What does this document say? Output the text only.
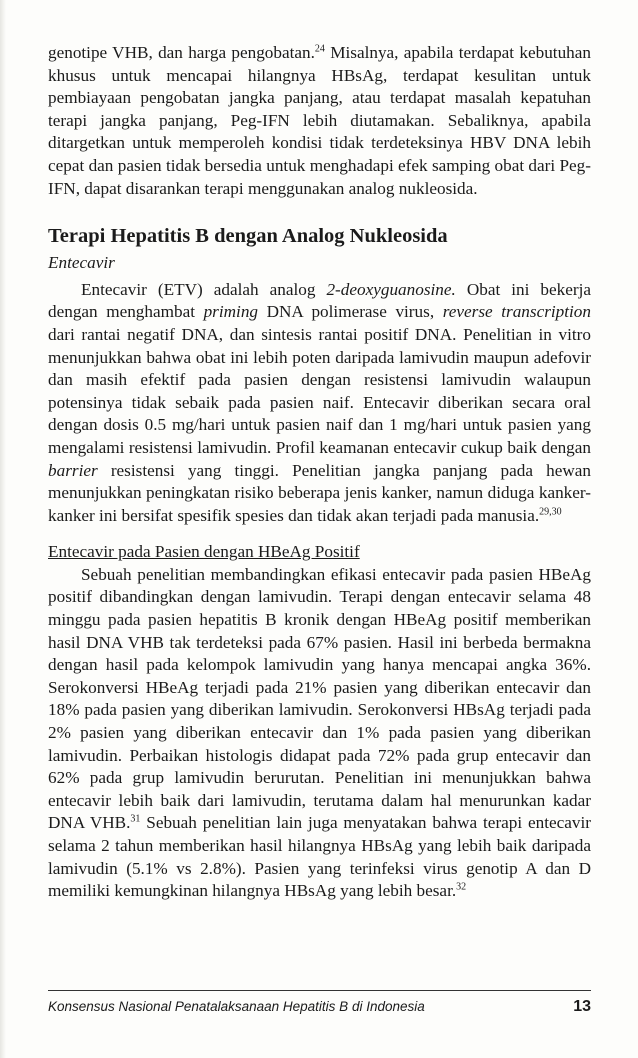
genotipe VHB, dan harga pengobatan.$^{24}$ Misalnya, apabila terdapat kebutuhan khusus untuk mencapai hilangnya HBsAg, terdapat kesulitan untuk pembiayaan pengobatan jangka panjang, atau terdapat masalah kepatuhan terapi jangka panjang, Peg-IFN lebih diutamakan. Sebaliknya, apabila ditargetkan untuk memperoleh kondisi tidak terdeteksinya HBV DNA lebih cepat dan pasien tidak bersedia untuk menghadapi efek samping obat dari Peg-IFN, dapat disarankan terapi menggunakan analog nukleosida.

Terapi Hepatitis B dengan Analog Nukleosida
Entecavir

Entecavir (ETV) adalah analog 2-deoxyguanosine. Obat ini bekerja dengan menghambat priming DNA polimerase virus, reverse transcription dari rantai negatif DNA, dan sintesis rantai positif DNA. Penelitian in vitro menunjukkan bahwa obat ini lebih poten daripada lamivudin maupun adefovir dan masih efektif pada pasien dengan resistensi lamivudin walaupun potensinya tidak sebaik pada pasien naif. Entecavir diberikan secara oral dengan dosis 0.5 mg/hari untuk pasien naif dan 1 mg/hari untuk pasien yang mengalami resistensi lamivudin. Profil keamanan entecavir cukup baik dengan barrier resistensi yang tinggi. Penelitian jangka panjang pada hewan menunjukkan peningkatan risiko beberapa jenis kanker, namun diduga kanker-kanker ini bersifat spesifik spesies dan tidak akan terjadi pada manusia.$^{29,30}$

Entecavir pada Pasien dengan HBeAg Positif

Sebuah penelitian membandingkan efikasi entecavir pada pasien HBeAg positif dibandingkan dengan lamivudin. Terapi dengan entecavir selama 48 minggu pada pasien hepatitis B kronik dengan HBeAg positif memberikan hasil DNA VHB tak terdeteksi pada 67% pasien. Hasil ini berbeda bermakna dengan hasil pada kelompok lamivudin yang hanya mencapai angka 36%. Serokonversi HBeAg terjadi pada 21% pasien yang diberikan entecavir dan 18% pada pasien yang diberikan lamivudin. Serokonversi HBsAg terjadi pada 2% pasien yang diberikan entecavir dan 1% pada pasien yang diberikan lamivudin. Perbaikan histologis didapat pada 72% pada grup entecavir dan 62% pada grup lamivudin berurutan. Penelitian ini menunjukkan bahwa entecavir lebih baik dari lamivudin, terutama dalam hal menurunkan kadar DNA VHB.$^{31}$ Sebuah penelitian lain juga menyatakan bahwa terapi entecavir selama 2 tahun memberikan hasil hilangnya HBsAg yang lebih baik daripada lamivudin (5.1% vs 2.8%). Pasien yang terinfeksi virus genotip A dan D memiliki kemungkinan hilangnya HBsAg yang lebih besar.$^{32}$

Konsensus Nasional Penatalaksanaan Hepatitis B di Indonesia	13
